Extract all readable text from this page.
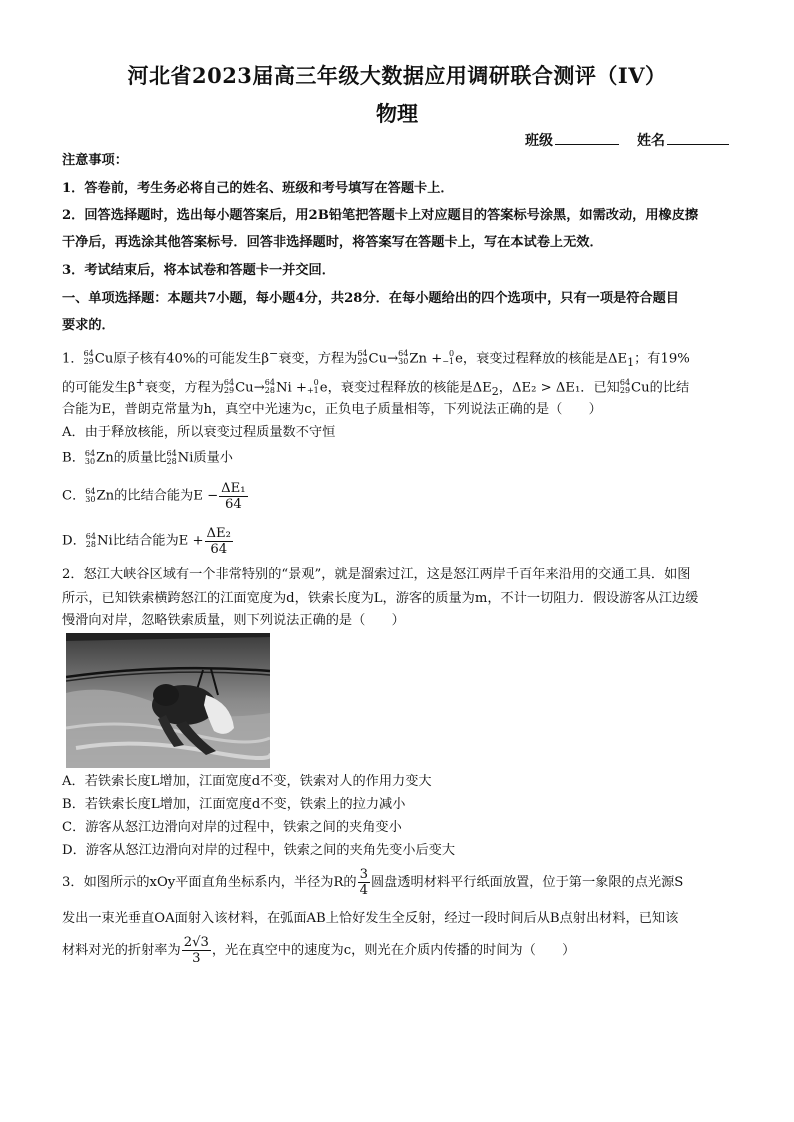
河北省2023届高三年级大数据应用调研联合测评（IV）
物理
班级	姓名
注意事项：
1．答卷前，考生务必将自己的姓名、班级和考号填写在答题卡上．
2．回答选择题时，选出每小题答案后，用2B铅笔把答题卡上对应题目的答案标号涂黑，如需改动，用橡皮擦
干净后，再选涂其他答案标号．回答非选择题时，将答案写在答题卡上，写在本试卷上无效．
3．考试结束后，将本试卷和答题卡一并交回．
一、单项选择题：本题共7小题，每小题4分，共28分．在每小题给出的四个选项中，只有一项是符合题目
要求的．
1． 64
29 Cu原子核有40%的可能发生β−衰变，方程为 64
29 Cu→ 64
30 Zn + 0
−1 e，衰变过程释放的核能是$\Delta E_1$；有19%
的可能发生β+衰变，方程为 64
29 Cu→ 64
28 Ni + 0
+1 e，衰变过程释放的核能是$\Delta E_2$，ΔE₂ > ΔE₁．已知 64
29 Cu的比结
合能为E，普朗克常量为h，真空中光速为c，正负电子质量相等，下列说法正确的是（　　）
A．由于释放核能，所以衰变过程质量数不守恒
B． 64
30 Zn的质量比 64
28 Ni质量小
C． 64
30 Zn的比结合能为$E - \frac{\text{ΔE₁}}{64}$
D． 64
28 Ni比结合能为$E + \frac{\text{ΔE₂}}{64}$
2．怒江大峡谷区域有一个非常特别的“景观”，就是溜索过江，这是怒江两岸千百年来沿用的交通工具．如图
所示，已知铁索横跨怒江的江面宽度为d，铁索长度为L，游客的质量为m，不计一切阻力．假设游客从江边缓
慢滑向对岸，忽略铁索质量，则下列说法正确的是（　　）
A．若铁索长度L增加，江面宽度d不变，铁索对人的作用力变大
B．若铁索长度L增加，江面宽度d不变，铁索上的拉力减小
C．游客从怒江边滑向对岸的过程中，铁索之间的夹角变小
D．游客从怒江边滑向对岸的过程中，铁索之间的夹角先变小后变大
3．如图所示的xOy平面直角坐标系内，半径为R的 $\frac{3}{4}$ 圆盘透明材料平行纸面放置，位于第一象限的点光源S
发出一束光垂直OA面射入该材料，在弧面AB上恰好发生全反射，经过一段时间后从B点射出材料，已知该
材料对光的折射率为 $\frac{2√3}{3}$ ，光在真空中的速度为c，则光在介质内传播的时间为（　　）
